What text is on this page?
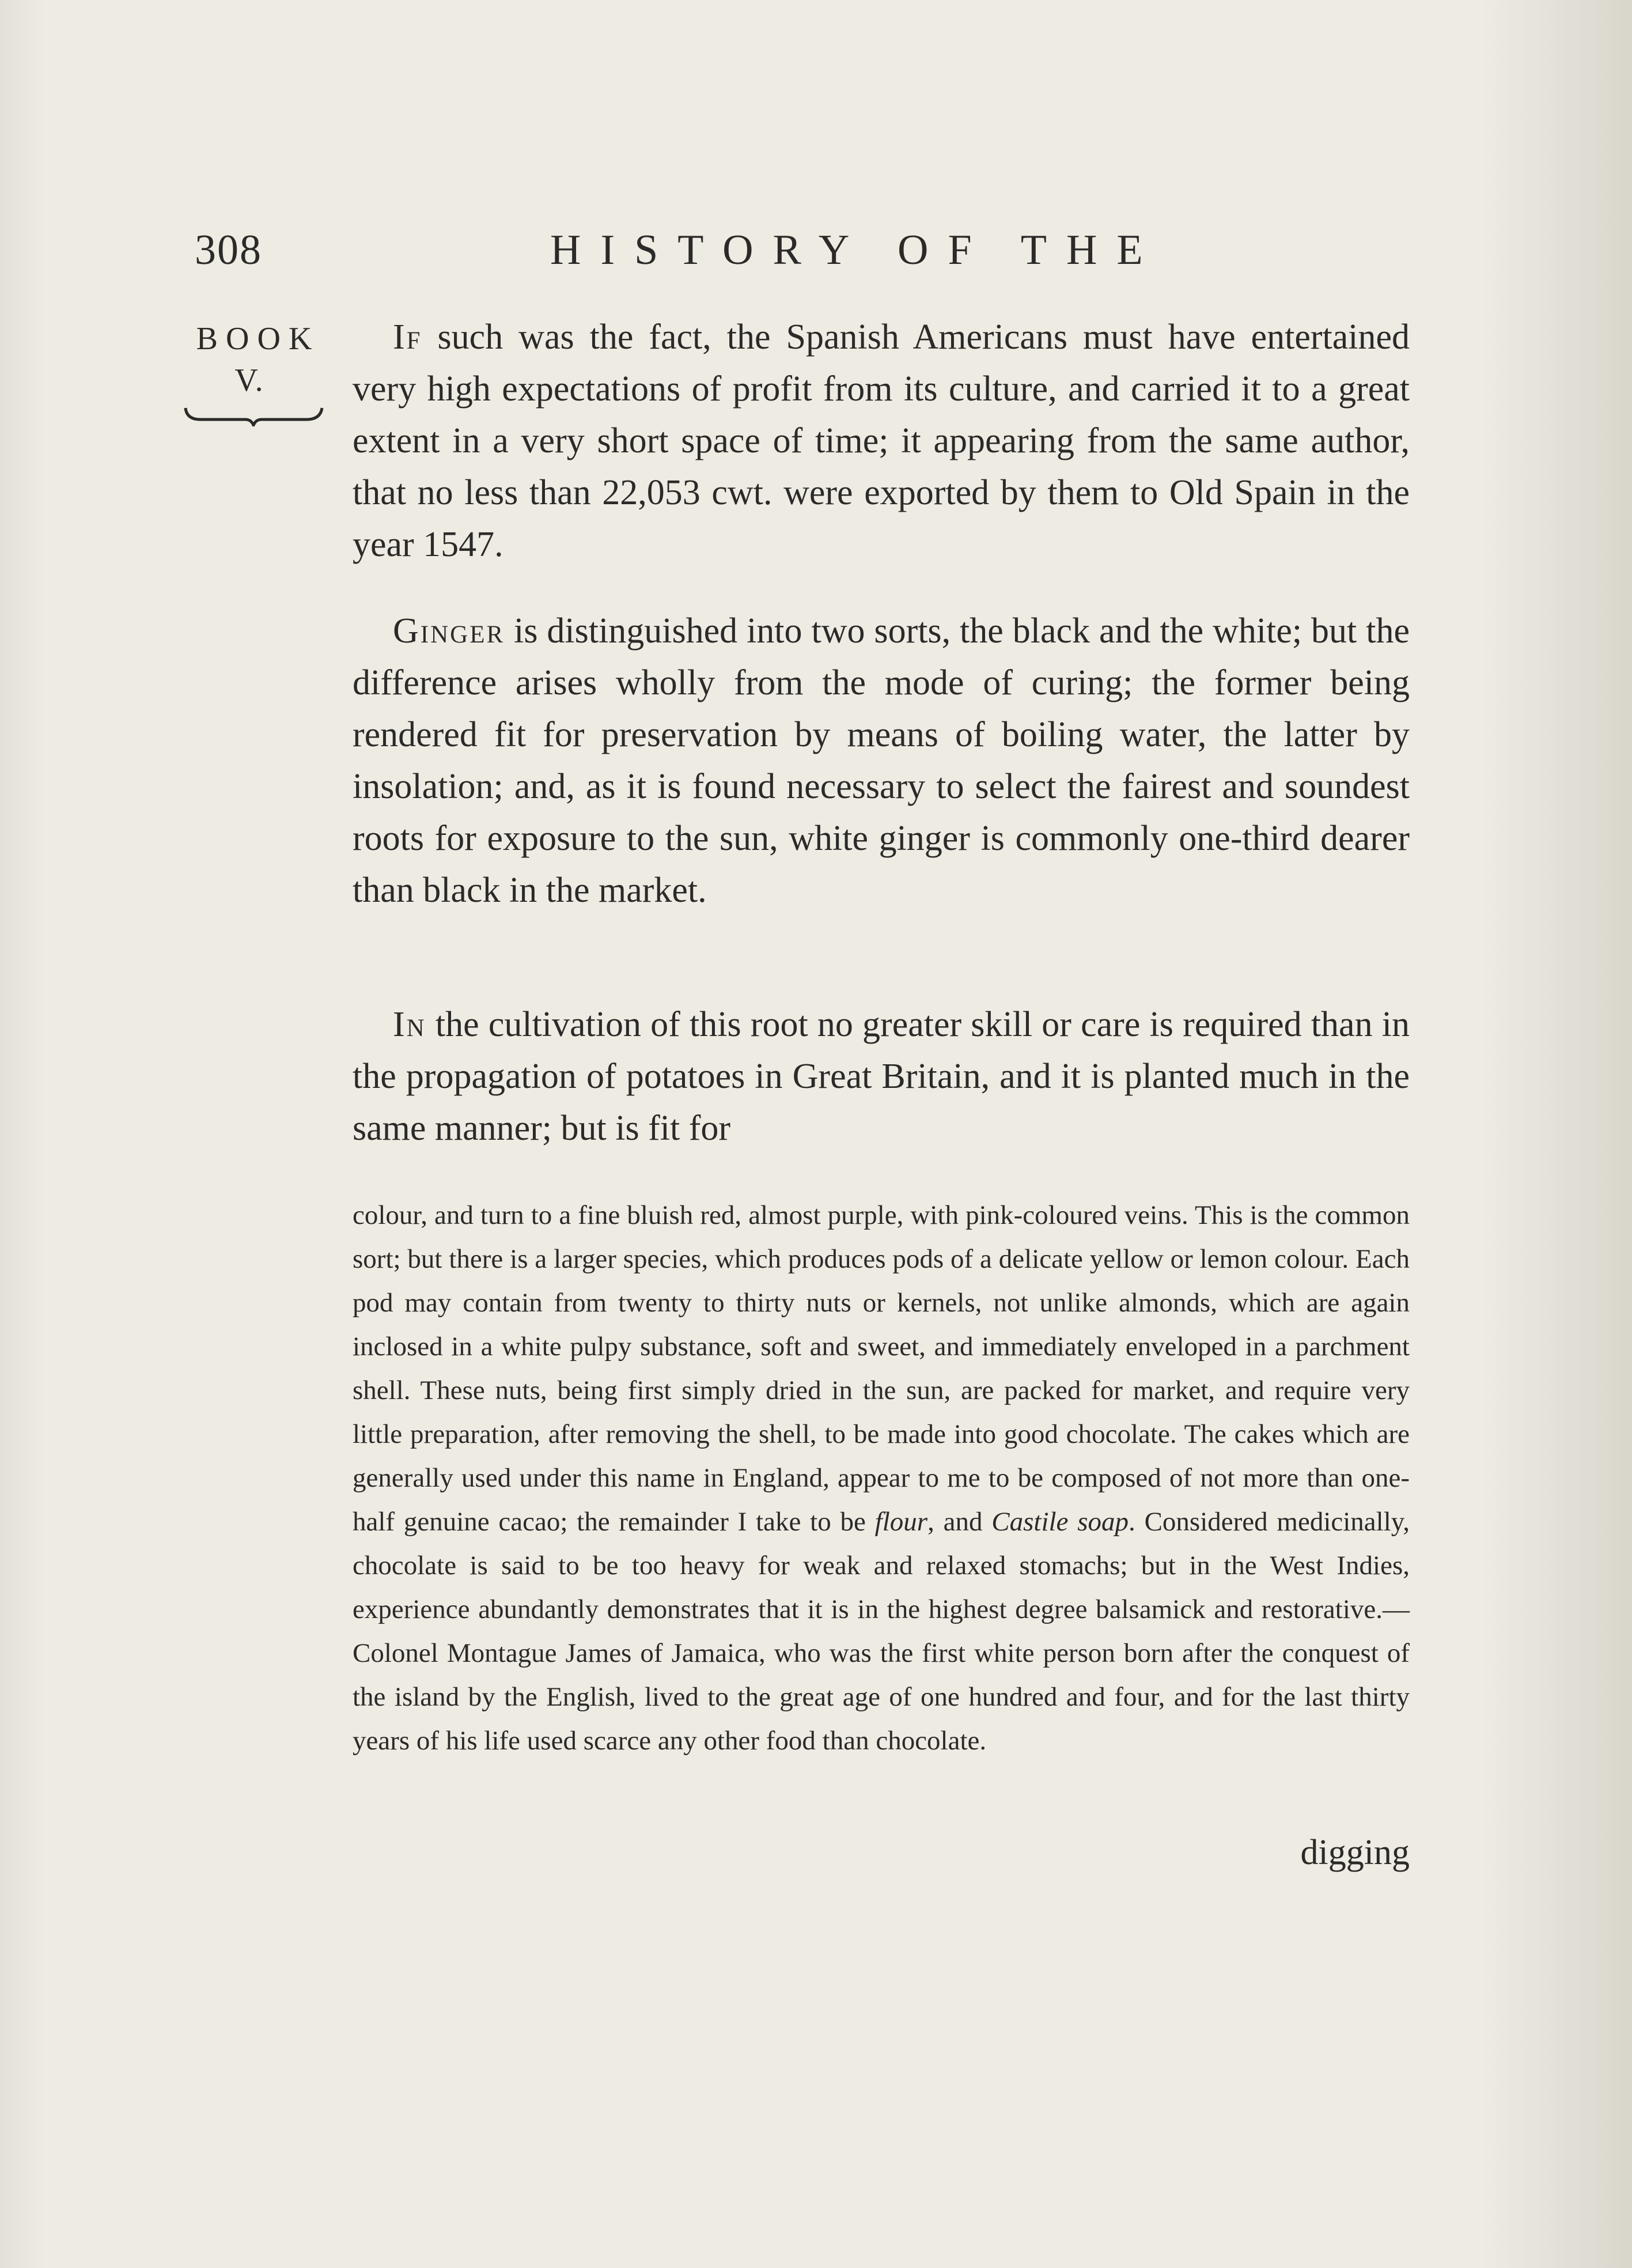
308	HISTORY OF THE
BOOK
V.

If such was the fact, the Spanish Americans must have entertained very high expectations of profit from its culture, and carried it to a great extent in a very short space of time; it appearing from the same author, that no less than 22,053 cwt. were exported by them to Old Spain in the year 1547.

Ginger is distinguished into two sorts, the black and the white; but the difference arises wholly from the mode of curing; the former being rendered fit for preservation by means of boiling water, the latter by insolation; and, as it is found necessary to select the fairest and soundest roots for exposure to the sun, white ginger is commonly one-third dearer than black in the market.

In the cultivation of this root no greater skill or care is required than in the propagation of potatoes in Great Britain, and it is planted much in the same manner; but is fit for

colour, and turn to a fine bluish red, almost purple, with pink-coloured veins. This is the common sort; but there is a larger species, which produces pods of a delicate yellow or lemon colour. Each pod may contain from twenty to thirty nuts or kernels, not unlike almonds, which are again inclosed in a white pulpy substance, soft and sweet, and immediately enveloped in a parchment shell. These nuts, being first simply dried in the sun, are packed for market, and require very little preparation, after removing the shell, to be made into good chocolate. The cakes which are generally used under this name in England, appear to me to be composed of not more than one-half genuine cacao; the remainder I take to be flour, and Castile soap. Considered medicinally, chocolate is said to be too heavy for weak and relaxed stomachs; but in the West Indies, experience abundantly demonstrates that it is in the highest degree balsamick and restorative.—Colonel Montague James of Jamaica, who was the first white person born after the conquest of the island by the English, lived to the great age of one hundred and four, and for the last thirty years of his life used scarce any other food than chocolate.

digging
